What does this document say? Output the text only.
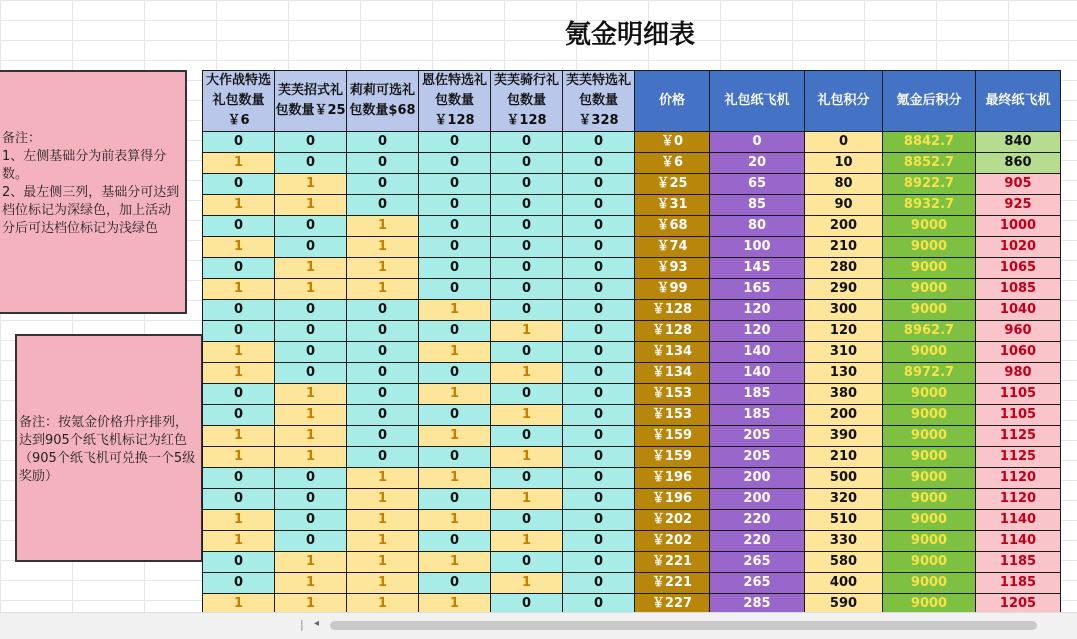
氪金明细表
备注：
1、左侧基础分为前表算得分数。
2、最左侧三列，基础分可达到档位标记为深绿色，加上活动分后可达档位标记为浅绿色
备注：按氪金价格升序排列，达到905个纸飞机标记为红色（905个纸飞机可兑换一个5级奖励）
大作战特选礼包数量￥6	芙芙招式礼包数量￥25	莉莉可选礼包数量$68	恩佐特选礼包数量￥128	芙芙骑行礼包数量￥128	芙芙特选礼包数量￥328	价格	礼包纸飞机	礼包积分	氪金后积分	最终纸飞机
0	0	0	0	0	0	￥0	0	0	8842.7	840
1	0	0	0	0	0	￥6	20	10	8852.7	860
0	1	0	0	0	0	￥25	65	80	8922.7	905
1	1	0	0	0	0	￥31	85	90	8932.7	925
0	0	1	0	0	0	￥68	80	200	9000	1000
1	0	1	0	0	0	￥74	100	210	9000	1020
0	1	1	0	0	0	￥93	145	280	9000	1065
1	1	1	0	0	0	￥99	165	290	9000	1085
0	0	0	1	0	0	￥128	120	300	9000	1040
0	0	0	0	1	0	￥128	120	120	8962.7	960
1	0	0	1	0	0	￥134	140	310	9000	1060
1	0	0	0	1	0	￥134	140	130	8972.7	980
0	1	0	1	0	0	￥153	185	380	9000	1105
0	1	0	0	1	0	￥153	185	200	9000	1105
1	1	0	1	0	0	￥159	205	390	9000	1125
1	1	0	0	1	0	￥159	205	210	9000	1125
0	0	1	1	0	0	￥196	200	500	9000	1120
0	0	1	0	1	0	￥196	200	320	9000	1120
1	0	1	1	0	0	￥202	220	510	9000	1140
1	0	1	0	1	0	￥202	220	330	9000	1140
0	1	1	1	0	0	￥221	265	580	9000	1185
0	1	1	0	1	0	￥221	265	400	9000	1185
1	1	1	1	0	0	￥227	285	590	9000	1205

| ◂
